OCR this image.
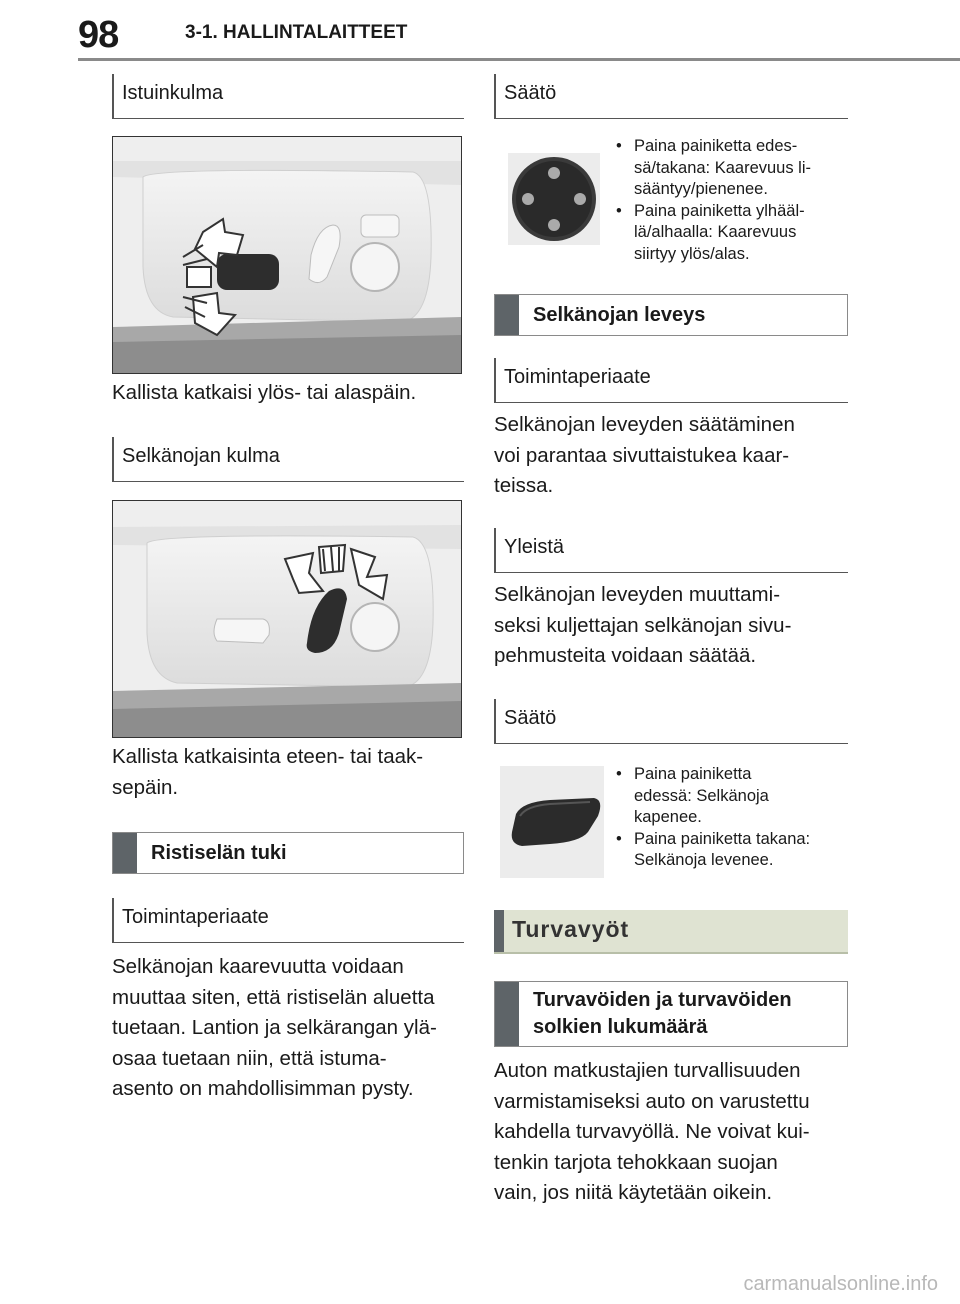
98	3-1. HALLINTALAITTEET
Istuinkulma

Kallista katkaisi ylös- tai alaspäin.

Selkänojan kulma

Kallista katkaisinta eteen- tai taak-
sepäin.

Ristiselän tuki
Toimintaperiaate

Selkänojan kaarevuutta voidaan
muuttaa siten, että ristiselän aluetta
tuetaan. Lantion ja selkärangan ylä-
osaa tuetaan niin, että istuma-
asento on mahdollisimman pysty.

Säätö
• Paina painiketta edes-
sä/takana: Kaarevuus li-
sääntyy/pienenee.
• Paina painiketta ylhääl-
lä/alhaalla: Kaarevuus
siirtyy ylös/alas.
Selkänojan leveys
Toimintaperiaate

Selkänojan leveyden säätäminen
voi parantaa sivuttaistukea kaar-
teissa.

Yleistä

Selkänojan leveyden muuttami-
seksi kuljettajan selkänojan sivu-
pehmusteita voidaan säätää.

Säätö
• Paina painiketta
edessä: Selkänoja
kapenee.
• Paina painiketta takana:
Selkänoja levenee.
Turvavyöt
Turvavöiden ja turvavöiden solkien lukumäärä

Auton matkustajien turvallisuuden
varmistamiseksi auto on varustettu
kahdella turvavyöllä. Ne voivat kui-
tenkin tarjota tehokkaan suojan
vain, jos niitä käytetään oikein.

carmanualsonline.info
